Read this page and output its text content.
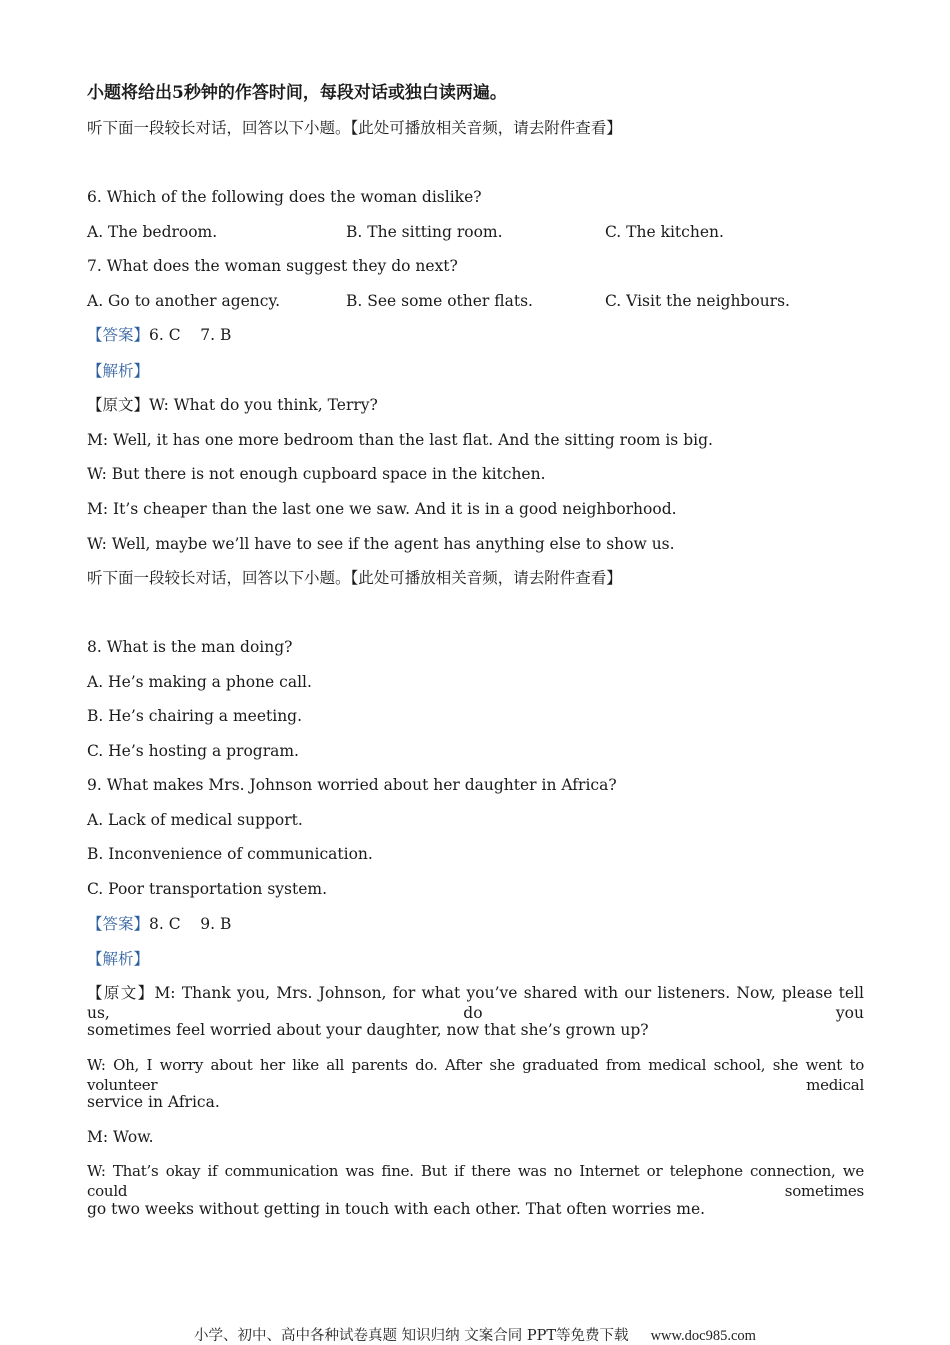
小题将给出5秒钟的作答时间，每段对话或独白读两遍。
听下面一段较长对话，回答以下小题。【此处可播放相关音频，请去附件查看】
6. Which of the following does the woman dislike?
A. The bedroom.	B. The sitting room.	C. The kitchen.
7. What does the woman suggest they do next?
A. Go to another agency.	B. See some other flats.	C. Visit the neighbours.
【答案】6. C    7. B
【解析】
【原文】W: What do you think, Terry?
M: Well, it has one more bedroom than the last flat. And the sitting room is big.
W: But there is not enough cupboard space in the kitchen.
M: It’s cheaper than the last one we saw. And it is in a good neighborhood.
W: Well, maybe we’ll have to see if the agent has anything else to show us.
听下面一段较长对话，回答以下小题。【此处可播放相关音频，请去附件查看】
8. What is the man doing?
A. He’s making a phone call.
B. He’s chairing a meeting.
C. He’s hosting a program.
9. What makes Mrs. Johnson worried about her daughter in Africa?
A. Lack of medical support.
B. Inconvenience of communication.
C. Poor transportation system.
【答案】8. C    9. B
【解析】
【原文】M: Thank you, Mrs. Johnson, for what you’ve shared with our listeners. Now, please tell us, do you
sometimes feel worried about your daughter, now that she’s grown up?
W: Oh, I worry about her like all parents do. After she graduated from medical school, she went to volunteer medical
service in Africa.
M: Wow.
W: That’s okay if communication was fine. But if there was no Internet or telephone connection, we could sometimes
go two weeks without getting in touch with each other. That often worries me.
小学、初中、高中各种试卷真题 知识归纳 文案合同 PPT等免费下载 www.doc985.com
